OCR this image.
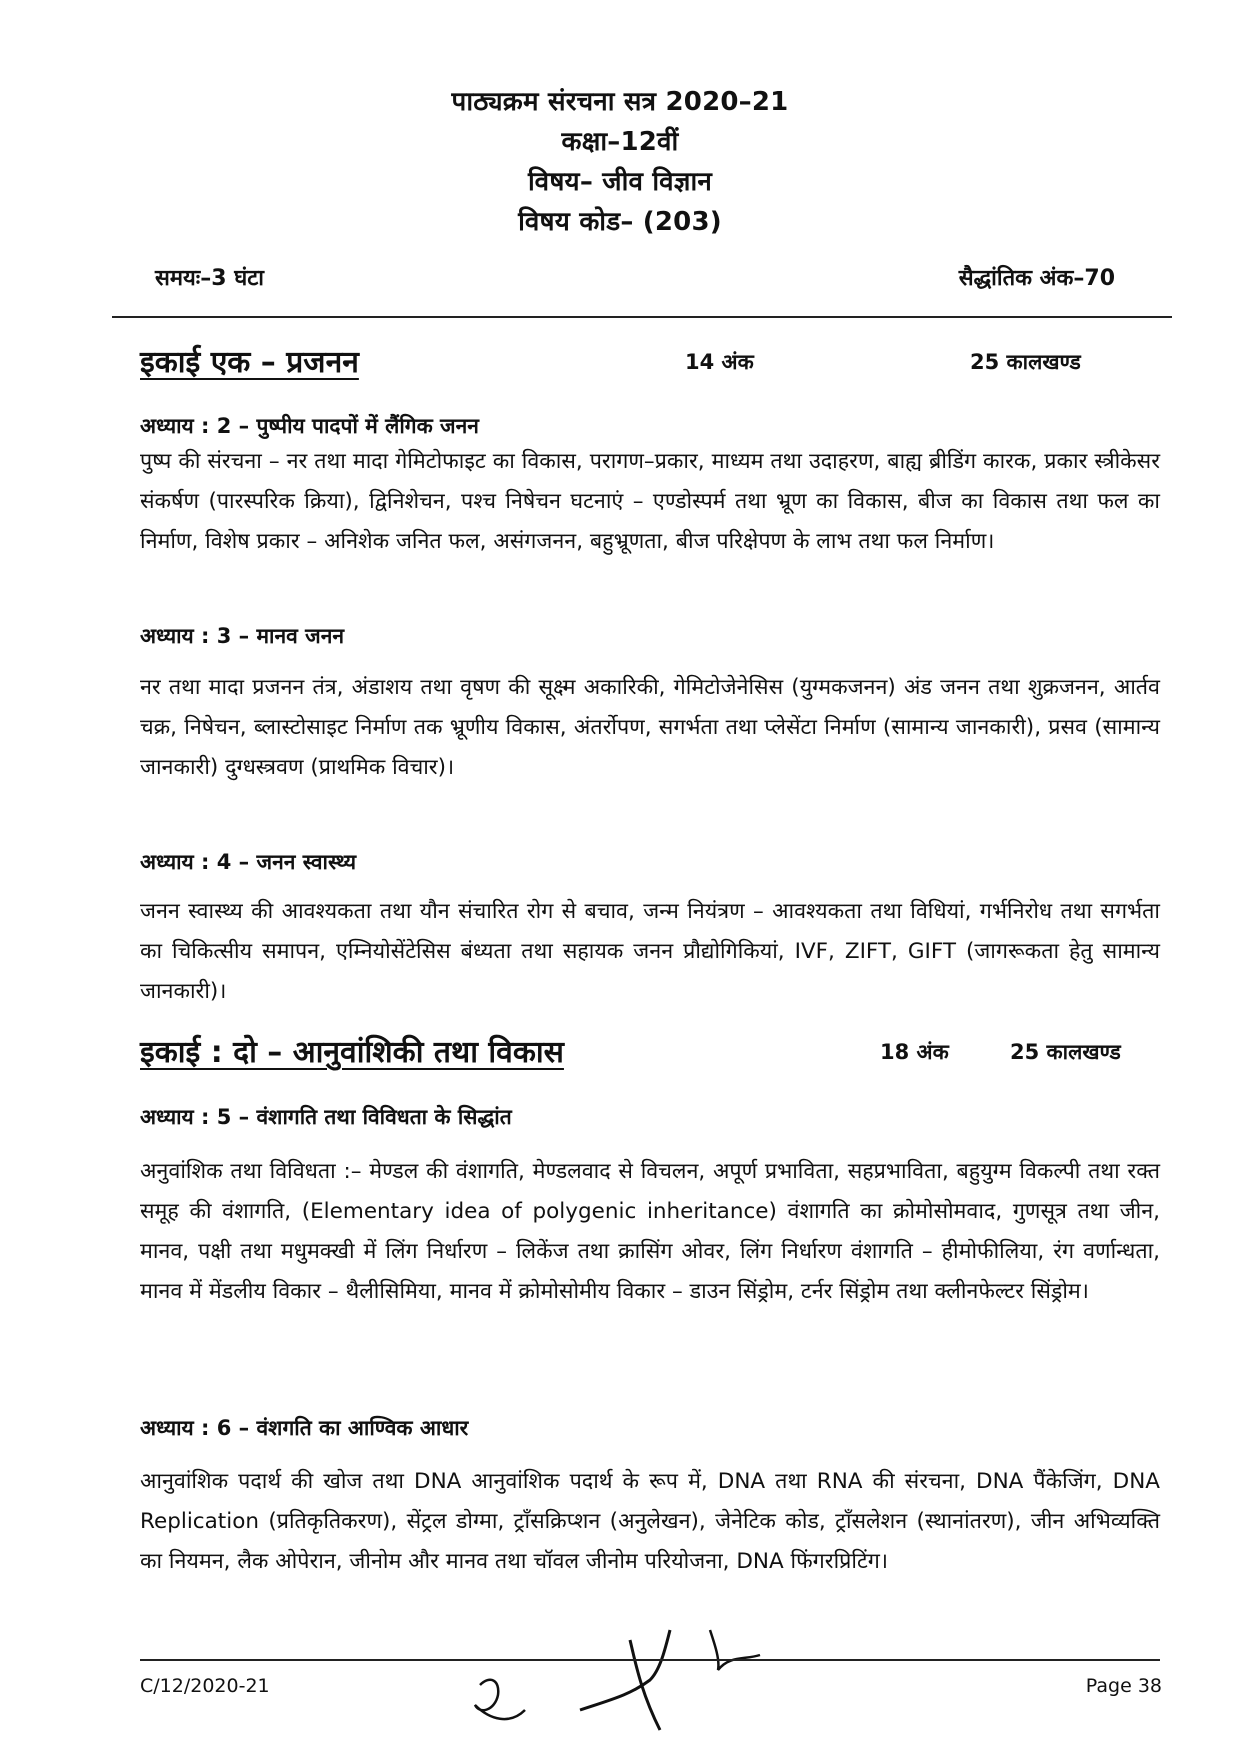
पाठ्यक्रम संरचना सत्र 2020–21
कक्षा–12वीं
विषय– जीव विज्ञान
विषय कोड– (203)
समयः–3 घंटा	सैद्धांतिक अंक–70
इकाई एक – प्रजनन	14 अंक	25 कालखण्ड
अध्याय : 2 – पुष्पीय पादपों में लैंगिक जनन
पुष्प की संरचना – नर तथा मादा गेमिटोफाइट का विकास, परागण–प्रकार, माध्यम तथा उदाहरण, बाह्य ब्रीडिंग कारक, प्रकार स्त्रीकेसर संकर्षण (पारस्परिक क्रिया), द्विनिशेचन, पश्च निषेचन घटनाएं – एण्डोस्पर्म तथा भ्रूण का विकास, बीज का विकास तथा फल का निर्माण, विशेष प्रकार – अनिशेक जनित फल, असंगजनन, बहुभ्रूणता, बीज परिक्षेपण के लाभ तथा फल निर्माण।
अध्याय : 3 – मानव जनन
नर तथा मादा प्रजनन तंत्र, अंडाशय तथा वृषण की सूक्ष्म अकारिकी, गेमिटोजेनेसिस (युग्मकजनन) अंड जनन तथा शुक्रजनन, आर्तव चक्र, निषेचन, ब्लास्टोसाइट निर्माण तक भ्रूणीय विकास, अंतर्रोपण, सगर्भता तथा प्लेसेंटा निर्माण (सामान्य जानकारी), प्रसव (सामान्य जानकारी) दुग्धस्त्रवण (प्राथमिक विचार)।
अध्याय : 4 – जनन स्वास्थ्य
जनन स्वास्थ्य की आवश्यकता तथा यौन संचारित रोग से बचाव, जन्म नियंत्रण – आवश्यकता तथा विधियां, गर्भनिरोध तथा सगर्भता का चिकित्सीय समापन, एम्नियोसेंटेसिस बंध्यता तथा सहायक जनन प्रौद्योगिकियां, IVF, ZIFT, GIFT (जागरूकता हेतु सामान्य जानकारी)।
इकाई : दो – आनुवांशिकी तथा विकास	18 अंक	25 कालखण्ड
अध्याय : 5 – वंशागति तथा विविधता के सिद्धांत
अनुवांशिक तथा विविधता :– मेण्डल की वंशागति, मेण्डलवाद से विचलन, अपूर्ण प्रभाविता, सहप्रभाविता, बहुयुग्म विकल्पी तथा रक्त समूह की वंशागति, (Elementary idea of polygenic inheritance) वंशागति का क्रोमोसोमवाद, गुणसूत्र तथा जीन, मानव, पक्षी तथा मधुमक्खी में लिंग निर्धारण – लिकेंज तथा क्रासिंग ओवर, लिंग निर्धारण वंशागति – हीमोफीलिया, रंग वर्णान्धता, मानव में मेंडलीय विकार – थैलीसिमिया, मानव में क्रोमोसोमीय विकार – डाउन सिंड्रोम, टर्नर सिंड्रोम तथा क्लीनफेल्टर सिंड्रोम।
अध्याय : 6 – वंशगति का आण्विक आधार
आनुवांशिक पदार्थ की खोज तथा DNA आनुवांशिक पदार्थ के रूप में, DNA तथा RNA की संरचना, DNA पैंकेजिंग, DNA Replication (प्रतिकृतिकरण), सेंट्रल डोग्मा, ट्राँसक्रिप्शन (अनुलेखन), जेनेटिक कोड, ट्राँसलेशन (स्थानांतरण), जीन अभिव्यक्ति का नियमन, लैक ओपेरान, जीनोम और मानव तथा चॉवल जीनोम परियोजना, DNA फिंगरप्रिटिंग।
C/12/2020-21	Page 38
